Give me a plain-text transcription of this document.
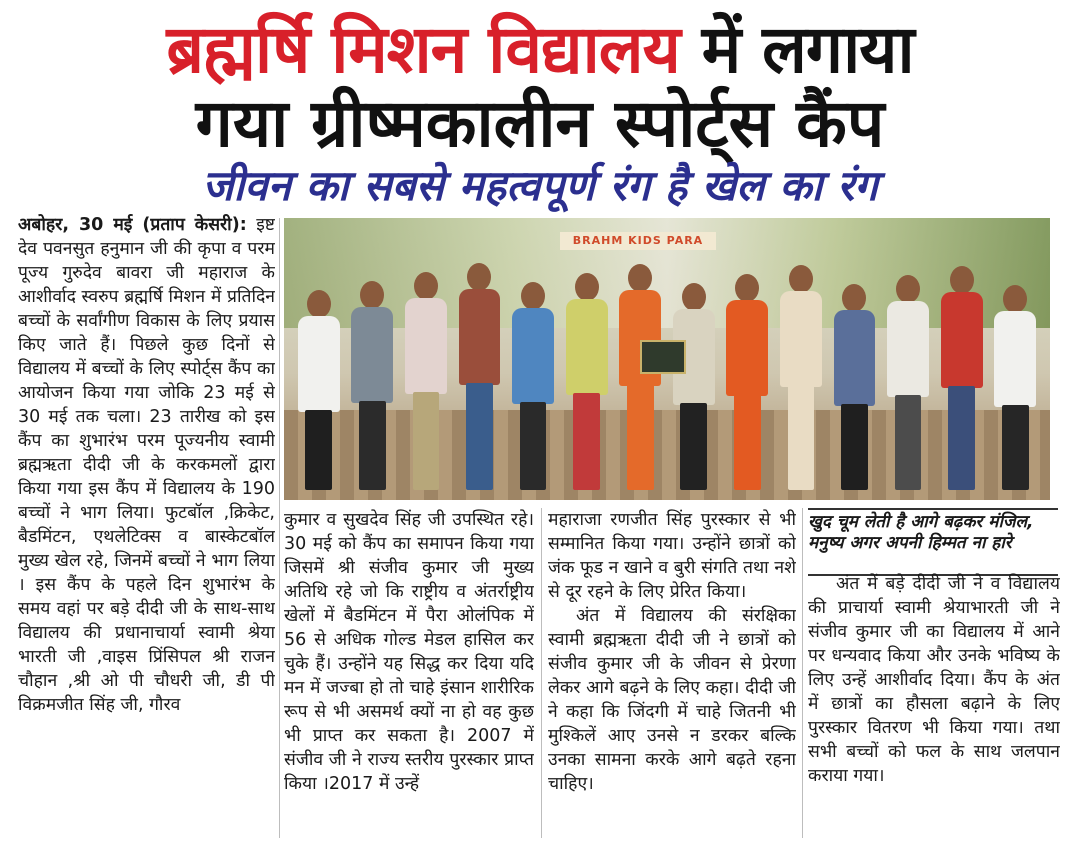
ब्रह्मर्षि मिशन विद्यालय में लगाया
गया ग्रीष्मकालीन स्पोर्ट्स कैंप
जीवन का सबसे महत्वपूर्ण रंग है खेल का रंग

अबोहर, 30 मई (प्रताप केसरी): इष्ट देव पवनसुत हनुमान जी की कृपा व परम पूज्य गुरुदेव बावरा जी महाराज के आशीर्वाद स्वरुप ब्रह्मर्षि मिशन में प्रतिदिन बच्चों के सर्वांगीण विकास के लिए प्रयास किए जाते हैं। पिछले कुछ दिनों से विद्यालय में बच्चों के लिए स्पोर्ट्स कैंप का आयोजन किया गया जोकि 23 मई से 30 मई तक चला। 23 तारीख को इस कैंप का शुभारंभ परम पूज्यनीय स्वामी ब्रह्मऋता दीदी जी के करकमलों द्वारा किया गया इस कैंप में विद्यालय के 190 बच्चों ने भाग लिया। फुटबॉल ,क्रिकेट, बैडमिंटन, एथलेटिक्स व बास्केटबॉल मुख्य खेल रहे, जिनमें बच्चों ने भाग लिया । इस कैंप के पहले दिन शुभारंभ के समय वहां पर बड़े दीदी जी के साथ-साथ विद्यालय की प्रधानाचार्या स्वामी श्रेया भारती जी ,वाइस प्रिंसिपल श्री राजन चौहान ,श्री ओ पी चौधरी जी, डी पी विक्रमजीत सिंह जी, गौरव

BRAHM KIDS PARA

कुमार व सुखदेव सिंह जी उपस्थित रहे। 30 मई को कैंप का समापन किया गया जिसमें श्री संजीव कुमार जी मुख्य अतिथि रहे जो कि राष्ट्रीय व अंतर्राष्ट्रीय खेलों में बैडमिंटन में पैरा ओलंपिक में 56 से अधिक गोल्ड मेडल हासिल कर चुके हैं। उन्होंने यह सिद्ध कर दिया यदि मन में जज्बा हो तो चाहे इंसान शारीरिक रूप से भी असमर्थ क्यों ना हो वह कुछ भी प्राप्त कर सकता है। 2007 में संजीव जी ने राज्य स्तरीय पुरस्कार प्राप्त किया ।2017 में उन्हें

महाराजा रणजीत सिंह पुरस्कार से भी सम्मानित किया गया। उन्होंने छात्रों को जंक फूड न खाने व बुरी संगति तथा नशे से दूर रहने के लिए प्रेरित किया।

अंत में विद्यालय की संरक्षिका स्वामी ब्रह्मऋता दीदी जी ने छात्रों को संजीव कुमार जी के जीवन से प्रेरणा लेकर आगे बढ़ने के लिए कहा। दीदी जी ने कहा कि जिंदगी में चाहे जितनी भी मुश्किलें आए उनसे न डरकर बल्कि उनका सामना करके आगे बढ़ते रहना चाहिए।

खुद चूम लेती है आगे बढ़कर मंजिल, मनुष्य अगर अपनी हिम्मत ना हारे

अंत में बड़े दीदी जी ने व विद्यालय की प्राचार्या स्वामी श्रेयाभारती जी ने संजीव कुमार जी का विद्यालय में आने पर धन्यवाद किया और उनके भविष्य के लिए उन्हें आशीर्वाद दिया। कैंप के अंत में छात्रों का हौसला बढ़ाने के लिए पुरस्कार वितरण भी किया गया। तथा सभी बच्चों को फल के साथ जलपान कराया गया।
